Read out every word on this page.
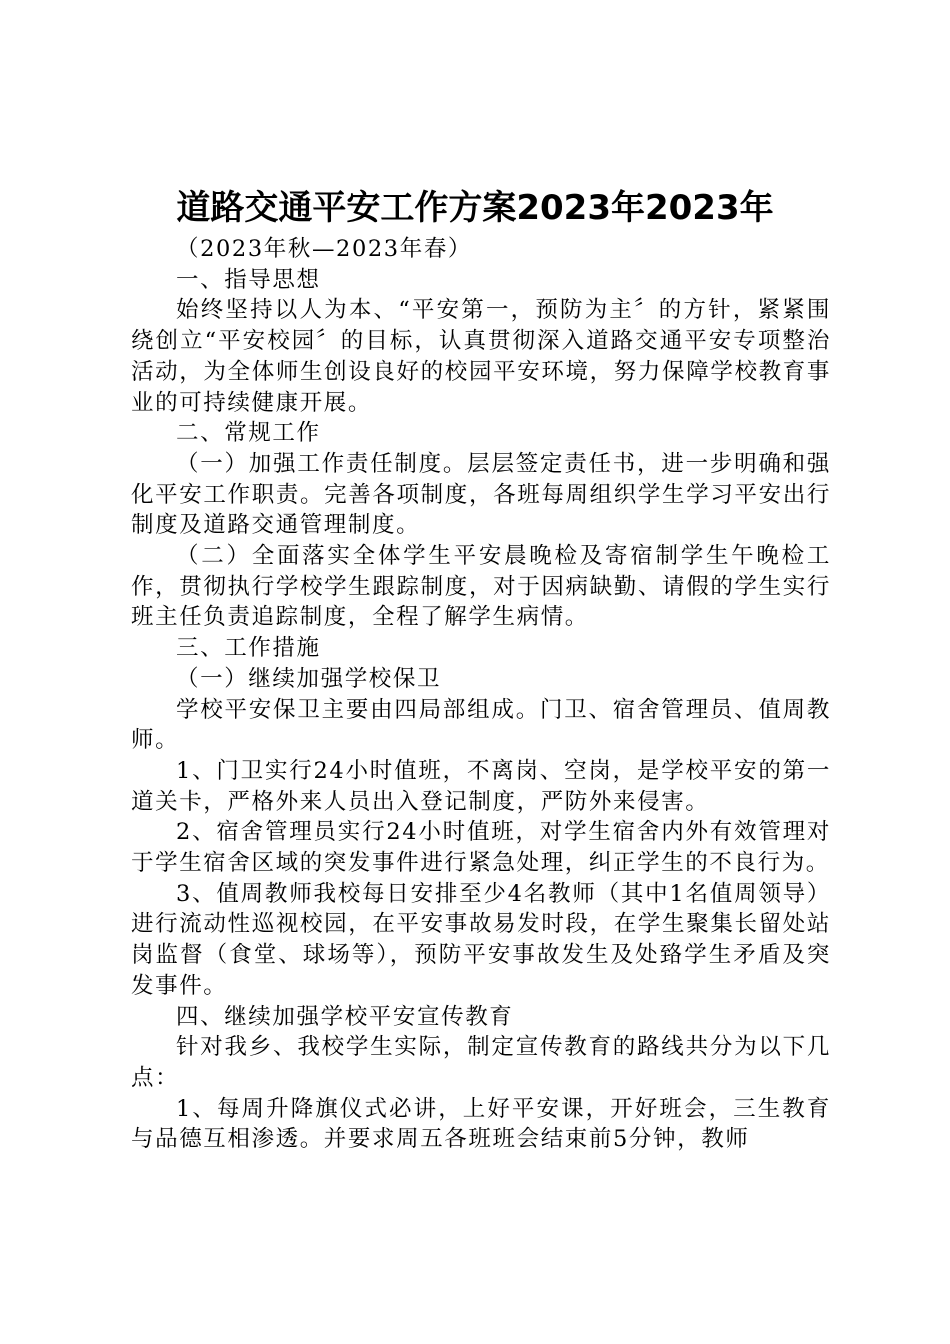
道路交通平安工作方案2023年2023年

（2023年秋—2023年春）

一、指导思想

始终坚持以人为本、“平安第一，预防为主〞的方针，紧紧围绕创立“平安校园〞的目标，认真贯彻深入道路交通平安专项整治活动，为全体师生创设良好的校园平安环境，努力保障学校教育事业的可持续健康开展。

二、常规工作

（一）加强工作责任制度。层层签定责任书，进一步明确和强化平安工作职责。完善各项制度，各班每周组织学生学习平安出行制度及道路交通管理制度。

（二）全面落实全体学生平安晨晚检及寄宿制学生午晚检工作，贯彻执行学校学生跟踪制度，对于因病缺勤、请假的学生实行班主任负责追踪制度，全程了解学生病情。

三、工作措施

（一）继续加强学校保卫

学校平安保卫主要由四局部组成。门卫、宿舍管理员、值周教师。

1、门卫实行24小时值班，不离岗、空岗，是学校平安的第一道关卡，严格外来人员出入登记制度，严防外来侵害。

2、宿舍管理员实行24小时值班，对学生宿舍内外有效管理对于学生宿舍区域的突发事件进行紧急处理，纠正学生的不良行为。

3、值周教师我校每日安排至少4名教师（其中1名值周领导）进行流动性巡视校园，在平安事故易发时段，在学生聚集长留处站岗监督（食堂、球场等），预防平安事故发生及处臵学生矛盾及突发事件。

四、继续加强学校平安宣传教育

针对我乡、我校学生实际，制定宣传教育的路线共分为以下几点：

1、每周升降旗仪式必讲，上好平安课，开好班会，三生教育与品德互相渗透。并要求周五各班班会结束前5分钟，教师
